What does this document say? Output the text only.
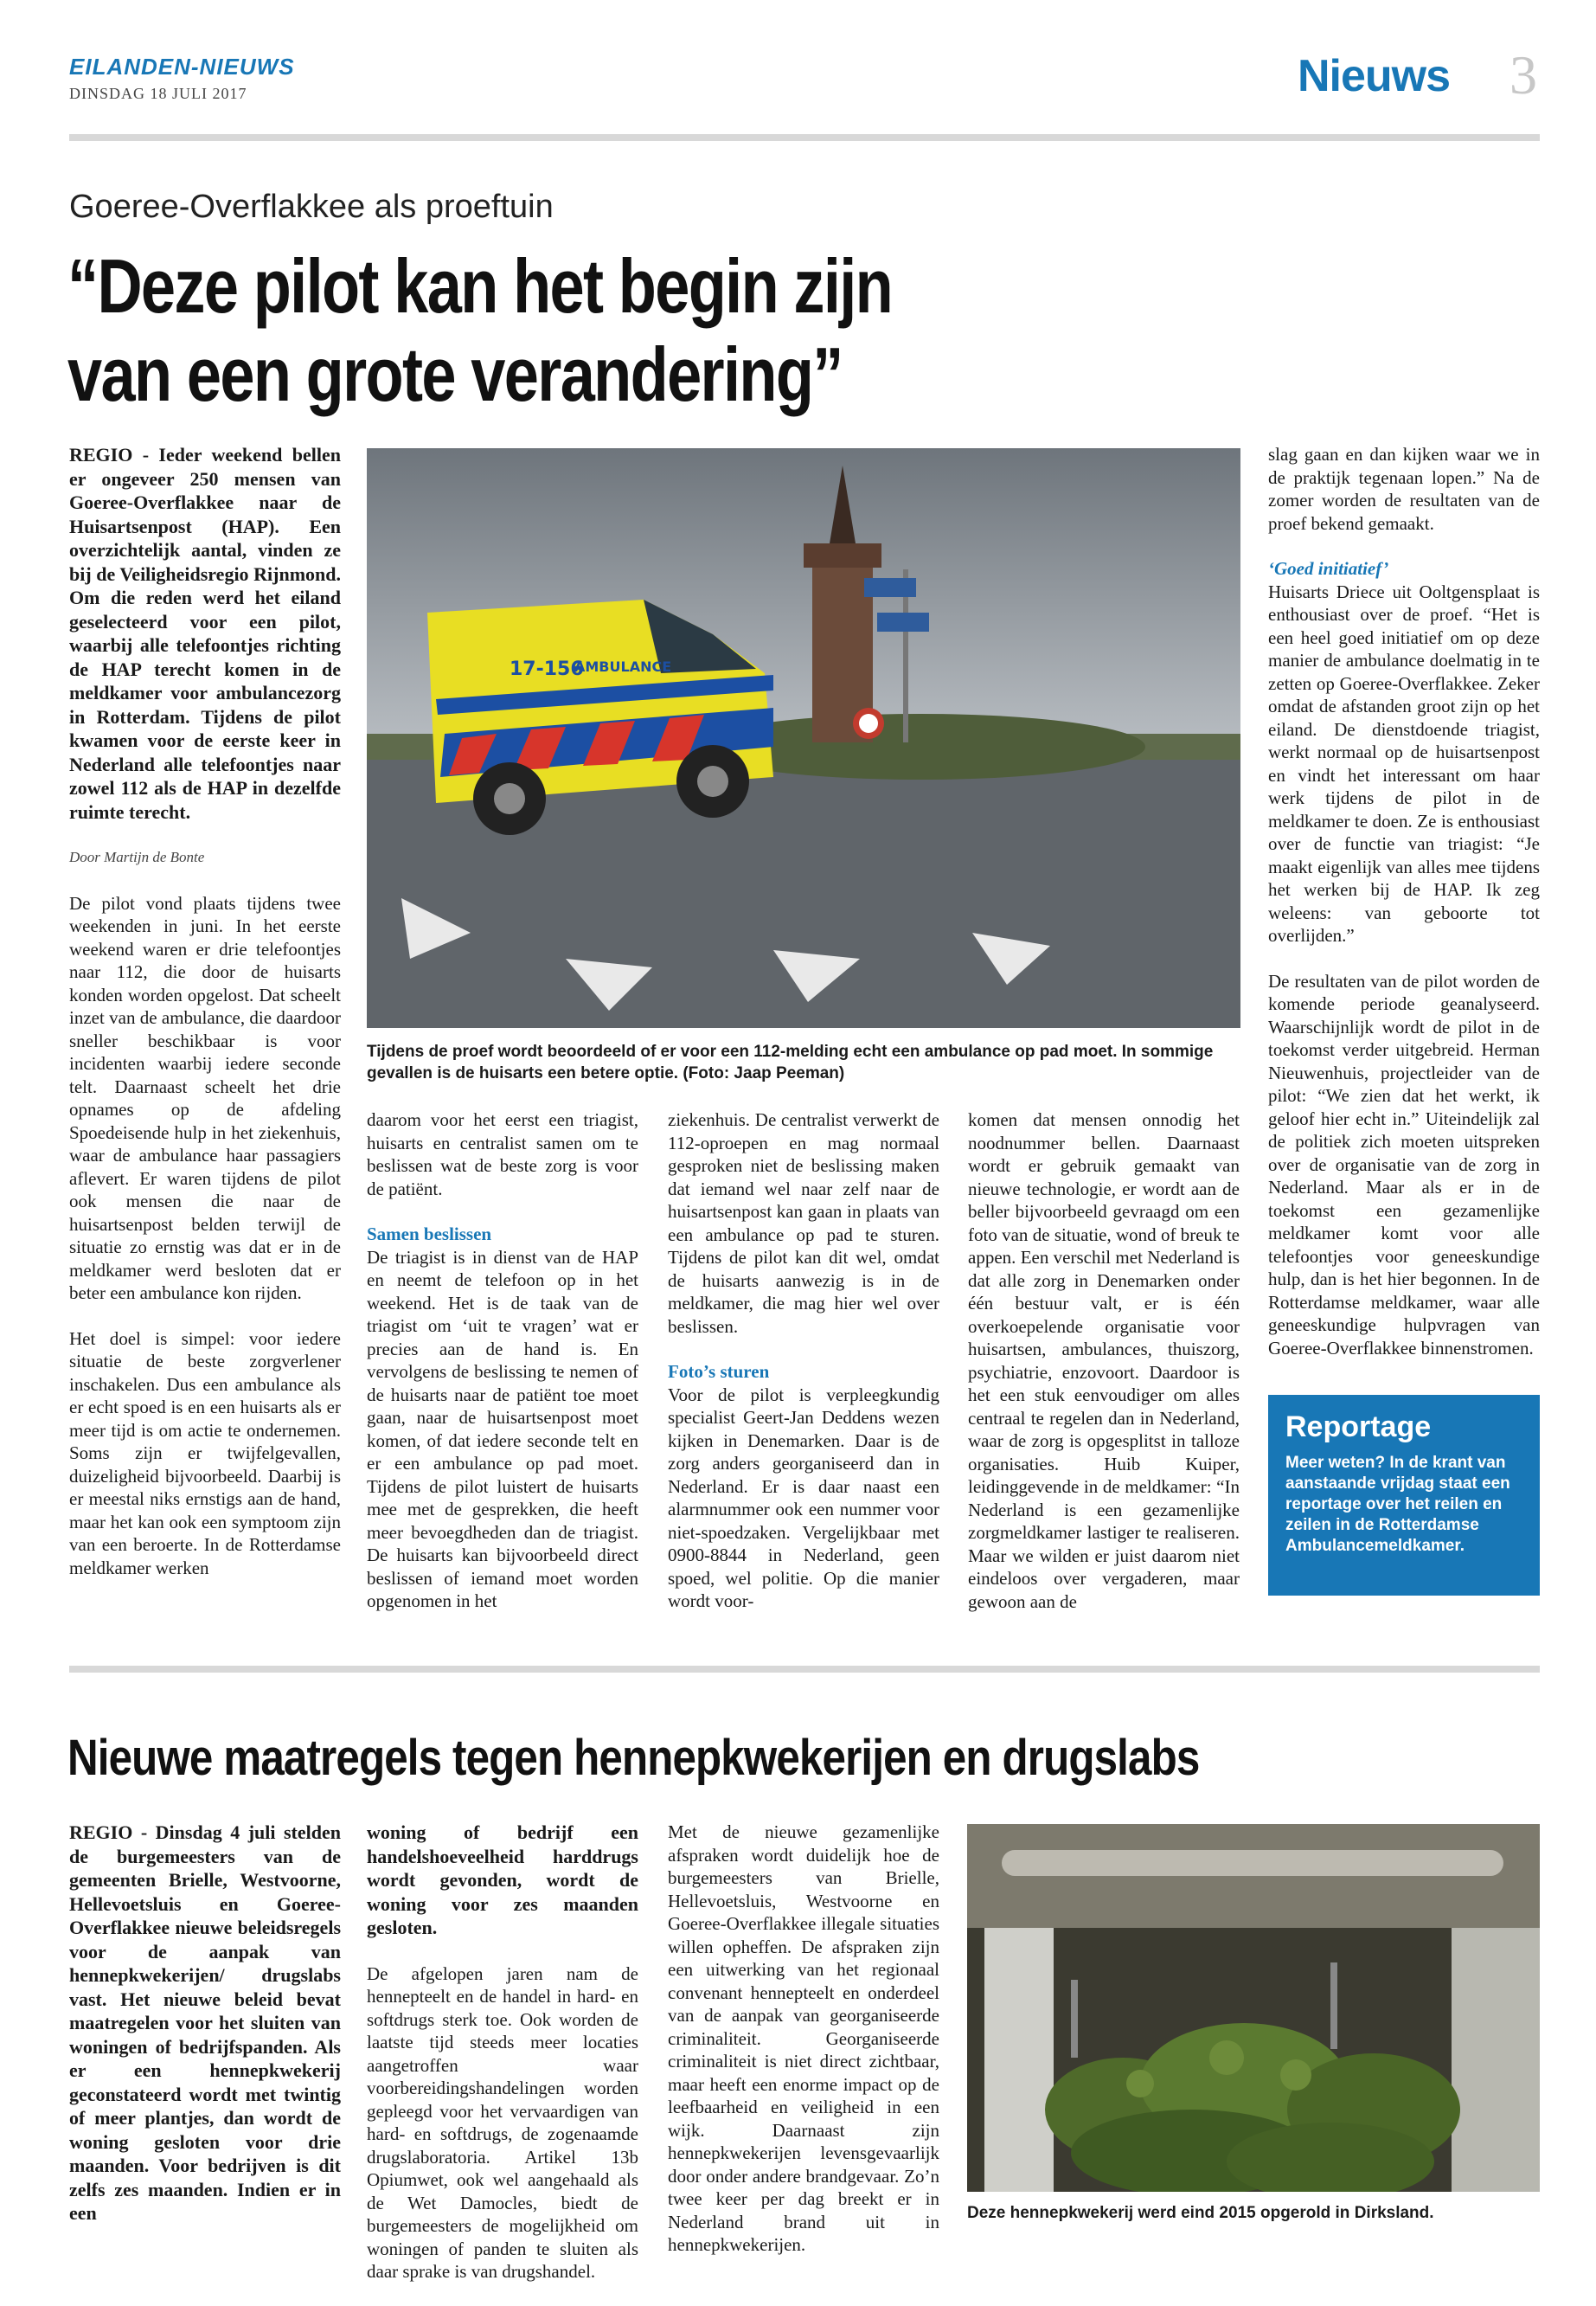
EILANDEN-NIEUWS
DINSDAG 18 JULI 2017	Nieuws 3
Goeree-Overflakkee als proeftuin
“Deze pilot kan het begin zijn
van een grote verandering”
REGIO - Ieder weekend bellen er ongeveer 250 mensen van Goeree-Overflakkee naar de Huisartsenpost (HAP). Een overzichtelijk aantal, vinden ze bij de Veiligheidsregio Rijnmond. Om die reden werd het eiland geselecteerd voor een pilot, waarbij alle telefoontjes richting de HAP terecht komen in de meldkamer voor ambulancezorg in Rotterdam. Tijdens de pilot kwamen voor de eerste keer in Nederland alle telefoontjes naar zowel 112 als de HAP in dezelfde ruimte terecht.
Door Martijn de Bonte

De pilot vond plaats tijdens twee weekenden in juni. In het eerste weekend waren er drie telefoontjes naar 112, die door de huisarts konden worden opgelost. Dat scheelt inzet van de ambulance, die daardoor sneller beschikbaar is voor incidenten waarbij iedere seconde telt. Daarnaast scheelt het drie opnames op de afdeling Spoedeisende hulp in het ziekenhuis, waar de ambulance haar passagiers aflevert. Er waren tijdens de pilot ook mensen die naar de huisartsenpost belden terwijl de situatie zo ernstig was dat er in de meldkamer werd besloten dat er beter een ambulance kon rijden.

Het doel is simpel: voor iedere situatie de beste zorgverlener inschakelen. Dus een ambulance als er echt spoed is en een huisarts als er meer tijd is om actie te ondernemen. Soms zijn er twijfelgevallen, duizeligheid bijvoorbeeld. Daarbij is er meestal niks ernstigs aan de hand, maar het kan ook een symptoom zijn van een beroerte. In de Rotterdamse meldkamer werken

17-156
AMBULANCE
Tijdens de proef wordt beoordeeld of er voor een 112-melding echt een ambulance op pad moet. In sommige gevallen is de huisarts een betere optie. (Foto: Jaap Peeman)

daarom voor het eerst een triagist, huisarts en centralist samen om te beslissen wat de beste zorg is voor de patiënt.

Samen beslissen
De triagist is in dienst van de HAP en neemt de telefoon op in het weekend. Het is de taak van de triagist om ‘uit te vragen’ wat er precies aan de hand is. En vervolgens de beslissing te nemen of de huisarts naar de patiënt toe moet gaan, naar de huisartsenpost moet komen, of dat iedere seconde telt en er een ambulance op pad moet. Tijdens de pilot luistert de huisarts mee met de gesprekken, die heeft meer bevoegdheden dan de triagist. De huisarts kan bijvoorbeeld direct beslissen of iemand moet worden opgenomen in het

ziekenhuis. De centralist verwerkt de 112-oproepen en mag normaal gesproken niet de beslissing maken dat iemand wel naar zelf naar de huisartsenpost kan gaan in plaats van een ambulance op pad te sturen. Tijdens de pilot kan dit wel, omdat de huisarts aanwezig is in de meldkamer, die mag hier wel over beslissen.

Foto’s sturen
Voor de pilot is verpleegkundig specialist Geert-Jan Deddens wezen kijken in Denemarken. Daar is de zorg anders georganiseerd dan in Nederland. Er is daar naast een alarmnummer ook een nummer voor niet-spoedzaken. Vergelijkbaar met 0900-8844 in Nederland, geen spoed, wel politie. Op die manier wordt voor-

komen dat mensen onnodig het noodnummer bellen. Daarnaast wordt er gebruik gemaakt van nieuwe technologie, er wordt aan de beller bijvoorbeeld gevraagd om een foto van de situatie, wond of breuk te appen. Een verschil met Nederland is dat alle zorg in Denemarken onder één bestuur valt, er is één overkoepelende organisatie voor huisartsen, ambulances, thuiszorg, psychiatrie, enzovoort. Daardoor is het een stuk eenvoudiger om alles centraal te regelen dan in Nederland, waar de zorg is opgesplitst in talloze organisaties. Huib Kuiper, leidinggevende in de meldkamer: “In Nederland is een gezamenlijke zorgmeldkamer lastiger te realiseren. Maar we wilden er juist daarom niet eindeloos over vergaderen, maar gewoon aan de

slag gaan en dan kijken waar we in de praktijk tegenaan lopen.” Na de zomer worden de resultaten van de proef bekend gemaakt.

‘Goed initiatief’
Huisarts Driece uit Ooltgensplaat is enthousiast over de proef. “Het is een heel goed initiatief om op deze manier de ambulance doelmatig in te zetten op Goeree-Overflakkee. Zeker omdat de afstanden groot zijn op het eiland. De dienstdoende triagist, werkt normaal op de huisartsenpost en vindt het interessant om haar werk tijdens de pilot in de meldkamer te doen. Ze is enthousiast over de functie van triagist: “Je maakt eigenlijk van alles mee tijdens het werken bij de HAP. Ik zeg weleens: van geboorte tot overlijden.”

De resultaten van de pilot worden de komende periode geanalyseerd. Waarschijnlijk wordt de pilot in de toekomst verder uitgebreid. Herman Nieuwenhuis, projectleider van de pilot: “We zien dat het werkt, ik geloof hier echt in.” Uiteindelijk zal de politiek zich moeten uitspreken over de organisatie van de zorg in Nederland. Maar als er in de toekomst een gezamenlijke meldkamer komt voor alle telefoontjes voor geneeskundige hulp, dan is het hier begonnen. In de Rotterdamse meldkamer, waar alle geneeskundige hulpvragen van Goeree-Overflakkee binnenstromen.

Reportage
Meer weten? In de krant van aanstaande vrijdag staat een reportage over het reilen en zeilen in de Rotterdamse Ambulancemeldkamer.
Nieuwe maatregels tegen hennepkwekerijen en drugslabs
REGIO - Dinsdag 4 juli stelden de burgemeesters van de gemeenten Brielle, Westvoorne, Hellevoetsluis en Goeree-Overflakkee nieuwe beleidsregels voor de aanpak van hennepkwekerijen/ drugslabs vast. Het nieuwe beleid bevat maatregelen voor het sluiten van woningen of bedrijfspanden. Als er een hennepkwekerij geconstateerd wordt met twintig of meer plantjes, dan wordt de woning gesloten voor drie maanden. Voor bedrijven is dit zelfs zes maanden. Indien er in een
woning of bedrijf een handelshoeveelheid harddrugs wordt gevonden, wordt de woning voor zes maanden gesloten.

De afgelopen jaren nam de hennepteelt en de handel in hard- en softdrugs sterk toe. Ook worden de laatste tijd steeds meer locaties aangetroffen waar voorbereidingshandelingen worden gepleegd voor het vervaardigen van hard- en softdrugs, de zogenaamde drugslaboratoria. Artikel 13b Opiumwet, ook wel aangehaald als de Wet Damocles, biedt de burgemeesters de mogelijkheid om woningen of panden te sluiten als daar sprake is van drugshandel.

Met de nieuwe gezamenlijke afspraken wordt duidelijk hoe de burgemeesters van Brielle, Hellevoetsluis, Westvoorne en Goeree-Overflakkee illegale situaties willen opheffen. De afspraken zijn een uitwerking van het regionaal convenant hennepteelt en onderdeel van de aanpak van georganiseerde criminaliteit. Georganiseerde criminaliteit is niet direct zichtbaar, maar heeft een enorme impact op de leefbaarheid en veiligheid in een wijk. Daarnaast zijn hennepkwekerijen levensgevaarlijk door onder andere brandgevaar. Zo’n twee keer per dag breekt er in Nederland brand uit in hennepkwekerijen.

Deze hennepkwekerij werd eind 2015 opgerold in Dirksland.
